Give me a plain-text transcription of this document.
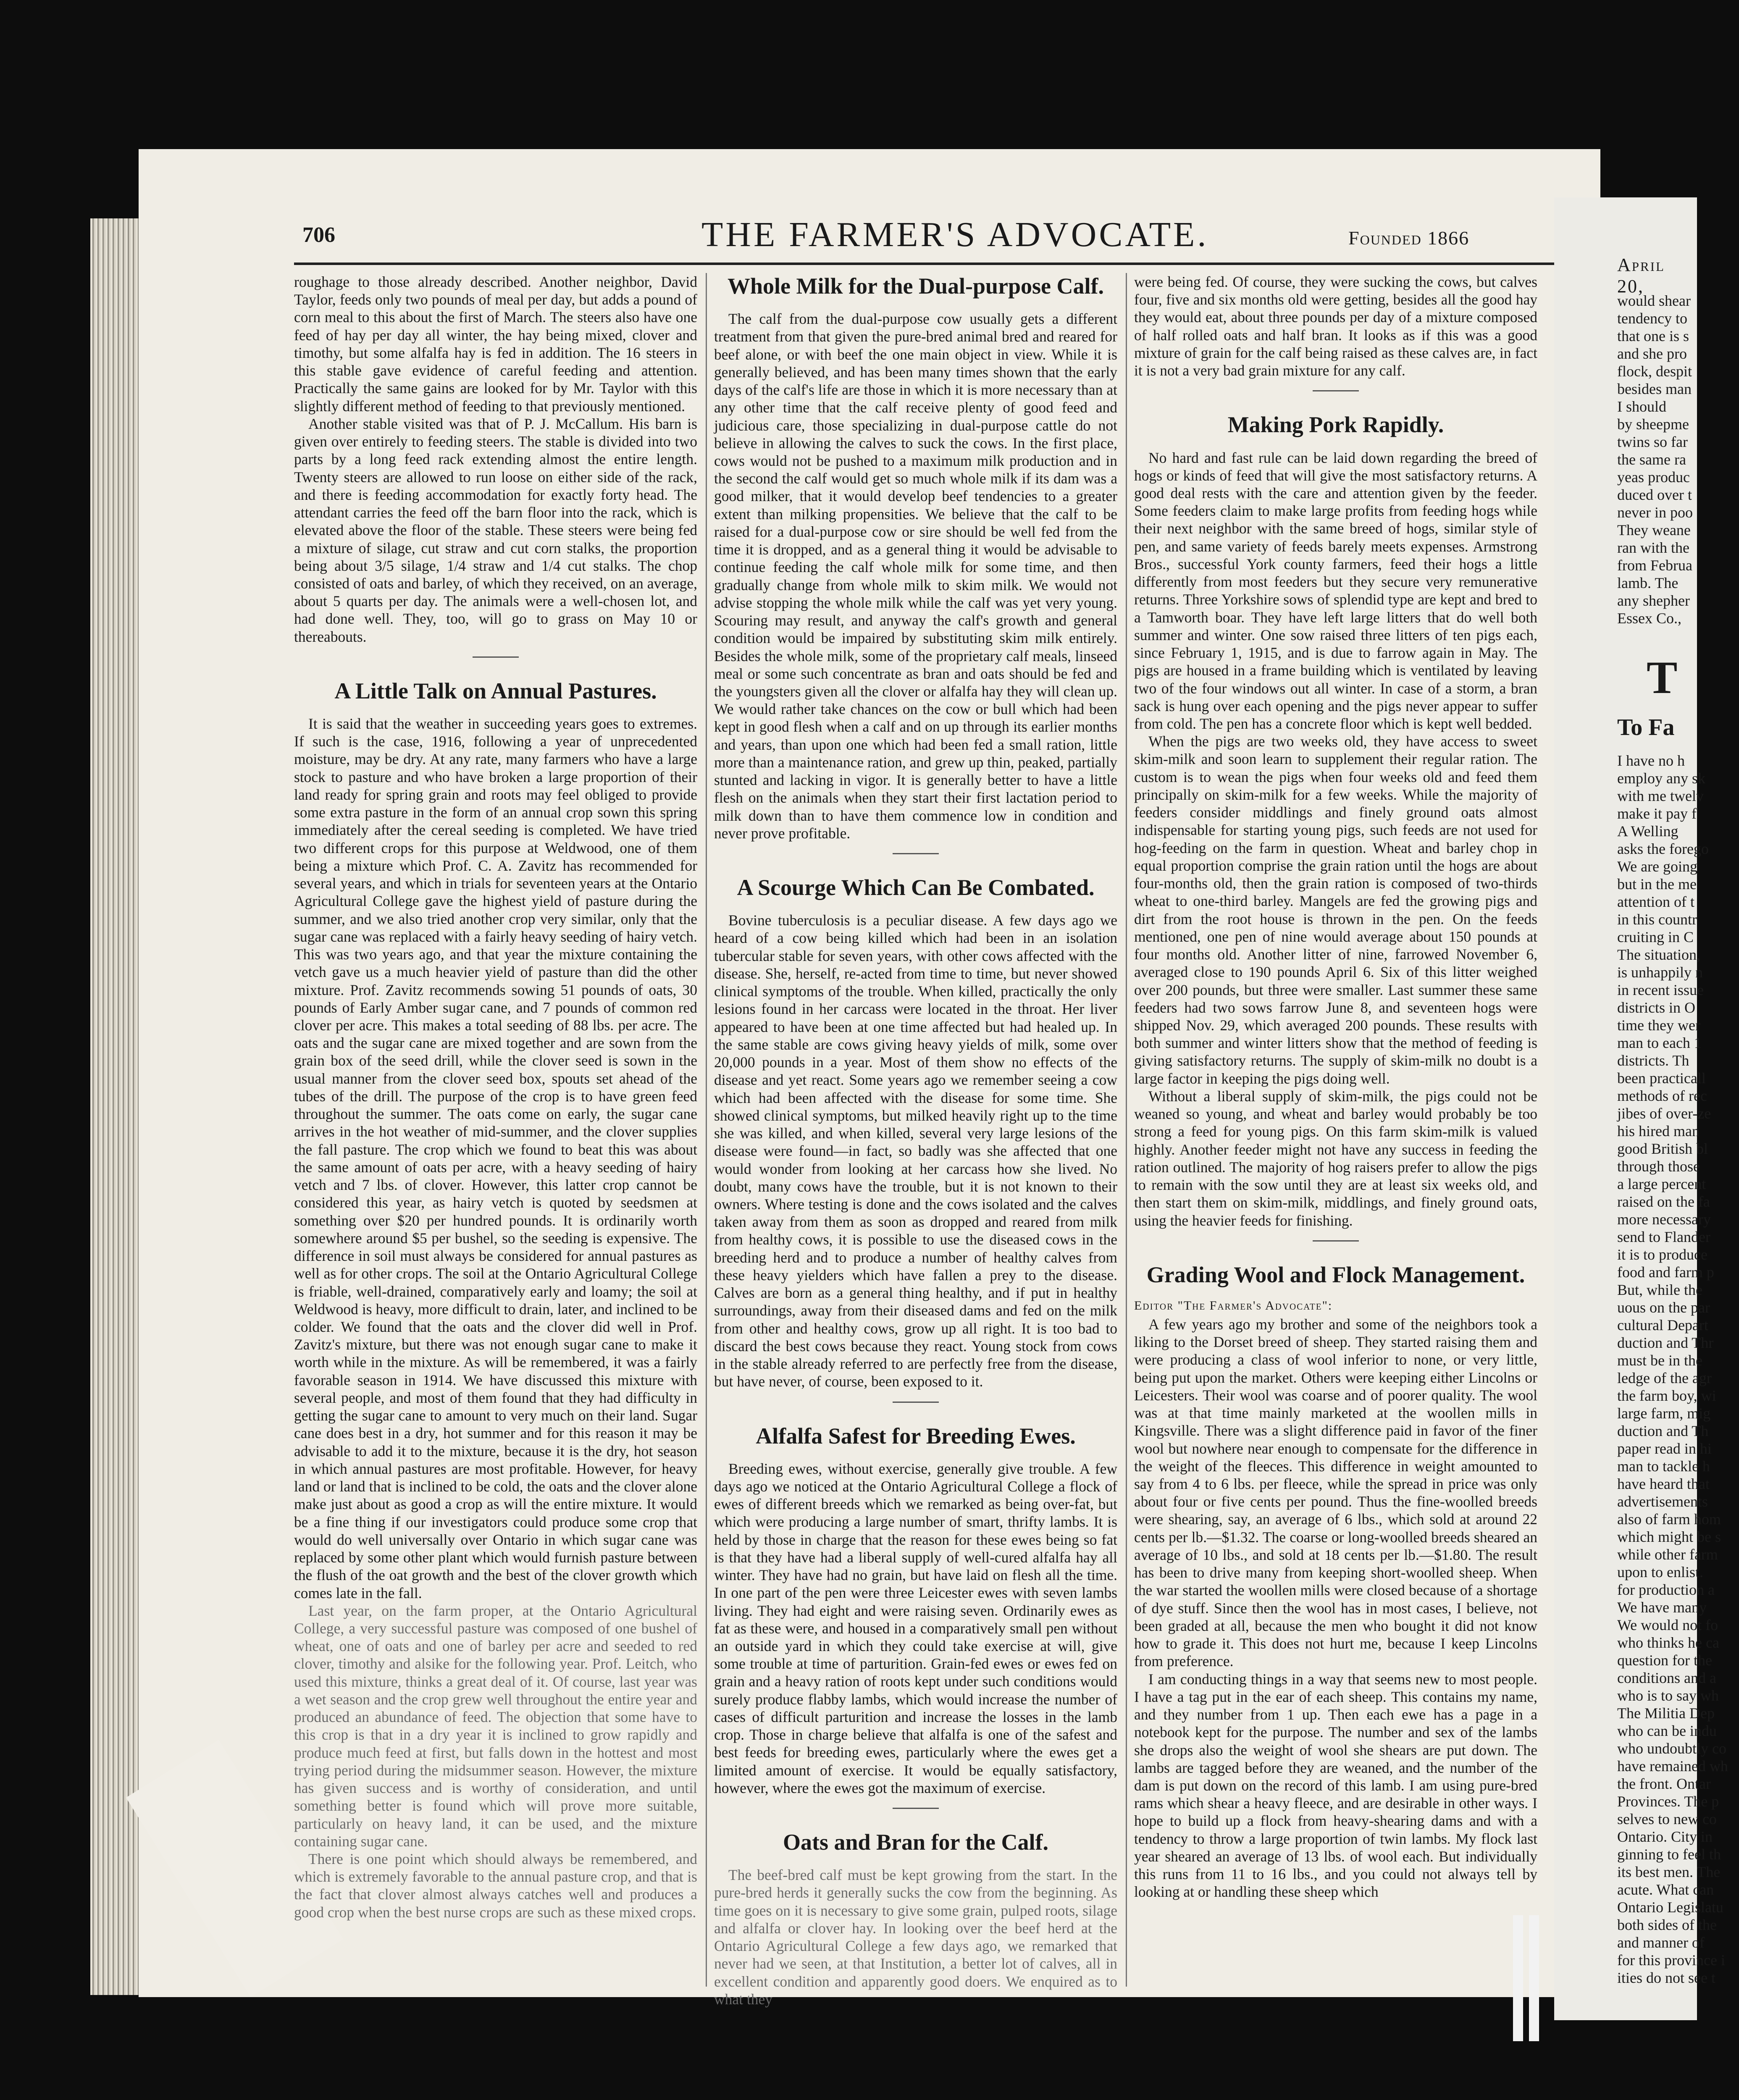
April 20,
would shear
tendency to
that one is s
and she pro
flock, despit
besides man
I should
by sheepme
twins so far
the same ra
yeas produc
duced over t
never in poo
They weane
ran with the
from Februa
lamb. The
any shepher
Essex Co.,
T
To Fa
I have no h
employ any sk
with me twelv
make it pay f
A Welling
asks the forego
We are going
but in the me
attention of t
in this countr
cruiting in C
The situation,
is unhappily n
in recent issue
districts in O
time they wer
man to each 1
districts. Th
been practicall
methods of rec
jibes of over-ze
his hired man
good British bl
through those
a large percent
raised on the fa
more necessary
send to Flander
it is to produce
food and farm p
But, while the
uous on the par
cultural Depart
duction and Thr
must be in the
ledge of the agr
the farm boy, wi
large farm, mig
duction and Th
paper read in hi
man to tackle h
have heard that
advertisements
also of farm hom
which might be s
while other farm
upon to enlist.
for production a
We have many
We would not fo
who thinks he ca
question for the
conditions and a
who is to say wh
The Militia Dep
who can be indu
who undoubtly co
have remained wh
the front. Ontar
Provinces. The p
selves to new co
Ontario. City in
ginning to feel th
its best men. The
acute. What can
Ontario Legislatu
both sides of the
and manner of
for this province i
ities do not see t
706	THE FARMER'S ADVOCATE.	Founded 1866

roughage to those already described. Another neighbor, David Taylor, feeds only two pounds of meal per day, but adds a pound of corn meal to this about the first of March. The steers also have one feed of hay per day all winter, the hay being mixed, clover and timothy, but some alfalfa hay is fed in addition. The 16 steers in this stable gave evidence of careful feeding and attention. Practically the same gains are looked for by Mr. Taylor with this slightly different method of feeding to that previously mentioned.

Another stable visited was that of P. J. McCallum. His barn is given over entirely to feeding steers. The stable is divided into two parts by a long feed rack extending almost the entire length. Twenty steers are allowed to run loose on either side of the rack, and there is feeding accommodation for exactly forty head. The attendant carries the feed off the barn floor into the rack, which is elevated above the floor of the stable. These steers were being fed a mixture of silage, cut straw and cut corn stalks, the proportion being about 3/5 silage, 1/4 straw and 1/4 cut stalks. The chop consisted of oats and barley, of which they received, on an average, about 5 quarts per day. The animals were a well-chosen lot, and had done well. They, too, will go to grass on May 10 or thereabouts.

A Little Talk on Annual Pastures.

It is said that the weather in succeeding years goes to extremes. If such is the case, 1916, following a year of unprecedented moisture, may be dry. At any rate, many farmers who have a large stock to pasture and who have broken a large proportion of their land ready for spring grain and roots may feel obliged to provide some extra pasture in the form of an annual crop sown this spring immediately after the cereal seeding is completed. We have tried two different crops for this purpose at Weldwood, one of them being a mixture which Prof. C. A. Zavitz has recommended for several years, and which in trials for seventeen years at the Ontario Agricultural College gave the highest yield of pasture during the summer, and we also tried another crop very similar, only that the sugar cane was replaced with a fairly heavy seeding of hairy vetch. This was two years ago, and that year the mixture containing the vetch gave us a much heavier yield of pasture than did the other mixture. Prof. Zavitz recommends sowing 51 pounds of oats, 30 pounds of Early Amber sugar cane, and 7 pounds of common red clover per acre. This makes a total seeding of 88 lbs. per acre. The oats and the sugar cane are mixed together and are sown from the grain box of the seed drill, while the clover seed is sown in the usual manner from the clover seed box, spouts set ahead of the tubes of the drill. The purpose of the crop is to have green feed throughout the summer. The oats come on early, the sugar cane arrives in the hot weather of mid-summer, and the clover supplies the fall pasture. The crop which we found to beat this was about the same amount of oats per acre, with a heavy seeding of hairy vetch and 7 lbs. of clover. However, this latter crop cannot be considered this year, as hairy vetch is quoted by seedsmen at something over $20 per hundred pounds. It is ordinarily worth somewhere around $5 per bushel, so the seeding is expensive. The difference in soil must always be considered for annual pastures as well as for other crops. The soil at the Ontario Agricultural College is friable, well-drained, comparatively early and loamy; the soil at Weldwood is heavy, more difficult to drain, later, and inclined to be colder. We found that the oats and the clover did well in Prof. Zavitz's mixture, but there was not enough sugar cane to make it worth while in the mixture. As will be remembered, it was a fairly favorable season in 1914. We have discussed this mixture with several people, and most of them found that they had difficulty in getting the sugar cane to amount to very much on their land. Sugar cane does best in a dry, hot summer and for this reason it may be advisable to add it to the mixture, because it is the dry, hot season in which annual pastures are most profitable. However, for heavy land or land that is inclined to be cold, the oats and the clover alone make just about as good a crop as will the entire mixture. It would be a fine thing if our investigators could produce some crop that would do well universally over Ontario in which sugar cane was replaced by some other plant which would furnish pasture between the flush of the oat growth and the best of the clover growth which comes late in the fall.

Last year, on the farm proper, at the Ontario Agricultural College, a very successful pasture was composed of one bushel of wheat, one of oats and one of barley per acre and seeded to red clover, timothy and alsike for the following year. Prof. Leitch, who used this mixture, thinks a great deal of it. Of course, last year was a wet season and the crop grew well throughout the entire year and produced an abundance of feed. The objection that some have to this crop is that in a dry year it is inclined to grow rapidly and produce much feed at first, but falls down in the hottest and most trying period during the midsummer season. However, the mixture has given success and is worthy of consideration, and until something better is found which will prove more suitable, particularly on heavy land, it can be used, and the mixture containing sugar cane.

There is one point which should always be remembered, and which is extremely favorable to the annual pasture crop, and that is the fact that clover almost always catches well and produces a good crop when the best nurse crops are such as these mixed crops.

Whole Milk for the Dual-purpose Calf.

The calf from the dual-purpose cow usually gets a different treatment from that given the pure-bred animal bred and reared for beef alone, or with beef the one main object in view. While it is generally believed, and has been many times shown that the early days of the calf's life are those in which it is more necessary than at any other time that the calf receive plenty of good feed and judicious care, those specializing in dual-purpose cattle do not believe in allowing the calves to suck the cows. In the first place, cows would not be pushed to a maximum milk production and in the second the calf would get so much whole milk if its dam was a good milker, that it would develop beef tendencies to a greater extent than milking propensities. We believe that the calf to be raised for a dual-purpose cow or sire should be well fed from the time it is dropped, and as a general thing it would be advisable to continue feeding the calf whole milk for some time, and then gradually change from whole milk to skim milk. We would not advise stopping the whole milk while the calf was yet very young. Scouring may result, and anyway the calf's growth and general condition would be impaired by substituting skim milk entirely. Besides the whole milk, some of the proprietary calf meals, linseed meal or some such concentrate as bran and oats should be fed and the youngsters given all the clover or alfalfa hay they will clean up. We would rather take chances on the cow or bull which had been kept in good flesh when a calf and on up through its earlier months and years, than upon one which had been fed a small ration, little more than a maintenance ration, and grew up thin, peaked, partially stunted and lacking in vigor. It is generally better to have a little flesh on the animals when they start their first lactation period to milk down than to have them commence low in condition and never prove profitable.

A Scourge Which Can Be Combated.

Bovine tuberculosis is a peculiar disease. A few days ago we heard of a cow being killed which had been in an isolation tubercular stable for seven years, with other cows affected with the disease. She, herself, re-acted from time to time, but never showed clinical symptoms of the trouble. When killed, practically the only lesions found in her carcass were located in the throat. Her liver appeared to have been at one time affected but had healed up. In the same stable are cows giving heavy yields of milk, some over 20,000 pounds in a year. Most of them show no effects of the disease and yet react. Some years ago we remember seeing a cow which had been affected with the disease for some time. She showed clinical symptoms, but milked heavily right up to the time she was killed, and when killed, several very large lesions of the disease were found—in fact, so badly was she affected that one would wonder from looking at her carcass how she lived. No doubt, many cows have the trouble, but it is not known to their owners. Where testing is done and the cows isolated and the calves taken away from them as soon as dropped and reared from milk from healthy cows, it is possible to use the diseased cows in the breeding herd and to produce a number of healthy calves from these heavy yielders which have fallen a prey to the disease. Calves are born as a general thing healthy, and if put in healthy surroundings, away from their diseased dams and fed on the milk from other and healthy cows, grow up all right. It is too bad to discard the best cows because they react. Young stock from cows in the stable already referred to are perfectly free from the disease, but have never, of course, been exposed to it.

Alfalfa Safest for Breeding Ewes.

Breeding ewes, without exercise, generally give trouble. A few days ago we noticed at the Ontario Agricultural College a flock of ewes of different breeds which we remarked as being over-fat, but which were producing a large number of smart, thrifty lambs. It is held by those in charge that the reason for these ewes being so fat is that they have had a liberal supply of well-cured alfalfa hay all winter. They have had no grain, but have laid on flesh all the time. In one part of the pen were three Leicester ewes with seven lambs living. They had eight and were raising seven. Ordinarily ewes as fat as these were, and housed in a comparatively small pen without an outside yard in which they could take exercise at will, give some trouble at time of parturition. Grain-fed ewes or ewes fed on grain and a heavy ration of roots kept under such conditions would surely produce flabby lambs, which would increase the number of cases of difficult parturition and increase the losses in the lamb crop. Those in charge believe that alfalfa is one of the safest and best feeds for breeding ewes, particularly where the ewes get a limited amount of exercise. It would be equally satisfactory, however, where the ewes got the maximum of exercise.

Oats and Bran for the Calf.

The beef-bred calf must be kept growing from the start. In the pure-bred herds it generally sucks the cow from the beginning. As time goes on it is necessary to give some grain, pulped roots, silage and alfalfa or clover hay. In looking over the beef herd at the Ontario Agricultural College a few days ago, we remarked that never had we seen, at that Institution, a better lot of calves, all in excellent condition and apparently good doers. We enquired as to what they

were being fed. Of course, they were sucking the cows, but calves four, five and six months old were getting, besides all the good hay they would eat, about three pounds per day of a mixture composed of half rolled oats and half bran. It looks as if this was a good mixture of grain for the calf being raised as these calves are, in fact it is not a very bad grain mixture for any calf.

Making Pork Rapidly.

No hard and fast rule can be laid down regarding the breed of hogs or kinds of feed that will give the most satisfactory returns. A good deal rests with the care and attention given by the feeder. Some feeders claim to make large profits from feeding hogs while their next neighbor with the same breed of hogs, similar style of pen, and same variety of feeds barely meets expenses. Armstrong Bros., successful York county farmers, feed their hogs a little differently from most feeders but they secure very remunerative returns. Three Yorkshire sows of splendid type are kept and bred to a Tamworth boar. They have left large litters that do well both summer and winter. One sow raised three litters of ten pigs each, since February 1, 1915, and is due to farrow again in May. The pigs are housed in a frame building which is ventilated by leaving two of the four windows out all winter. In case of a storm, a bran sack is hung over each opening and the pigs never appear to suffer from cold. The pen has a concrete floor which is kept well bedded.

When the pigs are two weeks old, they have access to sweet skim-milk and soon learn to supplement their regular ration. The custom is to wean the pigs when four weeks old and feed them principally on skim-milk for a few weeks. While the majority of feeders consider middlings and finely ground oats almost indispensable for starting young pigs, such feeds are not used for hog-feeding on the farm in question. Wheat and barley chop in equal proportion comprise the grain ration until the hogs are about four-months old, then the grain ration is composed of two-thirds wheat to one-third barley. Mangels are fed the growing pigs and dirt from the root house is thrown in the pen. On the feeds mentioned, one pen of nine would average about 150 pounds at four months old. Another litter of nine, farrowed November 6, averaged close to 190 pounds April 6. Six of this litter weighed over 200 pounds, but three were smaller. Last summer these same feeders had two sows farrow June 8, and seventeen hogs were shipped Nov. 29, which averaged 200 pounds. These results with both summer and winter litters show that the method of feeding is giving satisfactory returns. The supply of skim-milk no doubt is a large factor in keeping the pigs doing well.

Without a liberal supply of skim-milk, the pigs could not be weaned so young, and wheat and barley would probably be too strong a feed for young pigs. On this farm skim-milk is valued highly. Another feeder might not have any success in feeding the ration outlined. The majority of hog raisers prefer to allow the pigs to remain with the sow until they are at least six weeks old, and then start them on skim-milk, middlings, and finely ground oats, using the heavier feeds for finishing.

Grading Wool and Flock Management.
Editor "The Farmer's Advocate":

A few years ago my brother and some of the neighbors took a liking to the Dorset breed of sheep. They started raising them and were producing a class of wool inferior to none, or very little, being put upon the market. Others were keeping either Lincolns or Leicesters. Their wool was coarse and of poorer quality. The wool was at that time mainly marketed at the woollen mills in Kingsville. There was a slight difference paid in favor of the finer wool but nowhere near enough to compensate for the difference in the weight of the fleeces. This difference in weight amounted to say from 4 to 6 lbs. per fleece, while the spread in price was only about four or five cents per pound. Thus the fine-woolled breeds were shearing, say, an average of 6 lbs., which sold at around 22 cents per lb.—$1.32. The coarse or long-woolled breeds sheared an average of 10 lbs., and sold at 18 cents per lb.—$1.80. The result has been to drive many from keeping short-woolled sheep. When the war started the woollen mills were closed because of a shortage of dye stuff. Since then the wool has in most cases, I believe, not been graded at all, because the men who bought it did not know how to grade it. This does not hurt me, because I keep Lincolns from preference.

I am conducting things in a way that seems new to most people. I have a tag put in the ear of each sheep. This contains my name, and they number from 1 up. Then each ewe has a page in a notebook kept for the purpose. The number and sex of the lambs she drops also the weight of wool she shears are put down. The lambs are tagged before they are weaned, and the number of the dam is put down on the record of this lamb. I am using pure-bred rams which shear a heavy fleece, and are desirable in other ways. I hope to build up a flock from heavy-shearing dams and with a tendency to throw a large proportion of twin lambs. My flock last year sheared an average of 13 lbs. of wool each. But individually this runs from 11 to 16 lbs., and you could not always tell by looking at or handling these sheep which
